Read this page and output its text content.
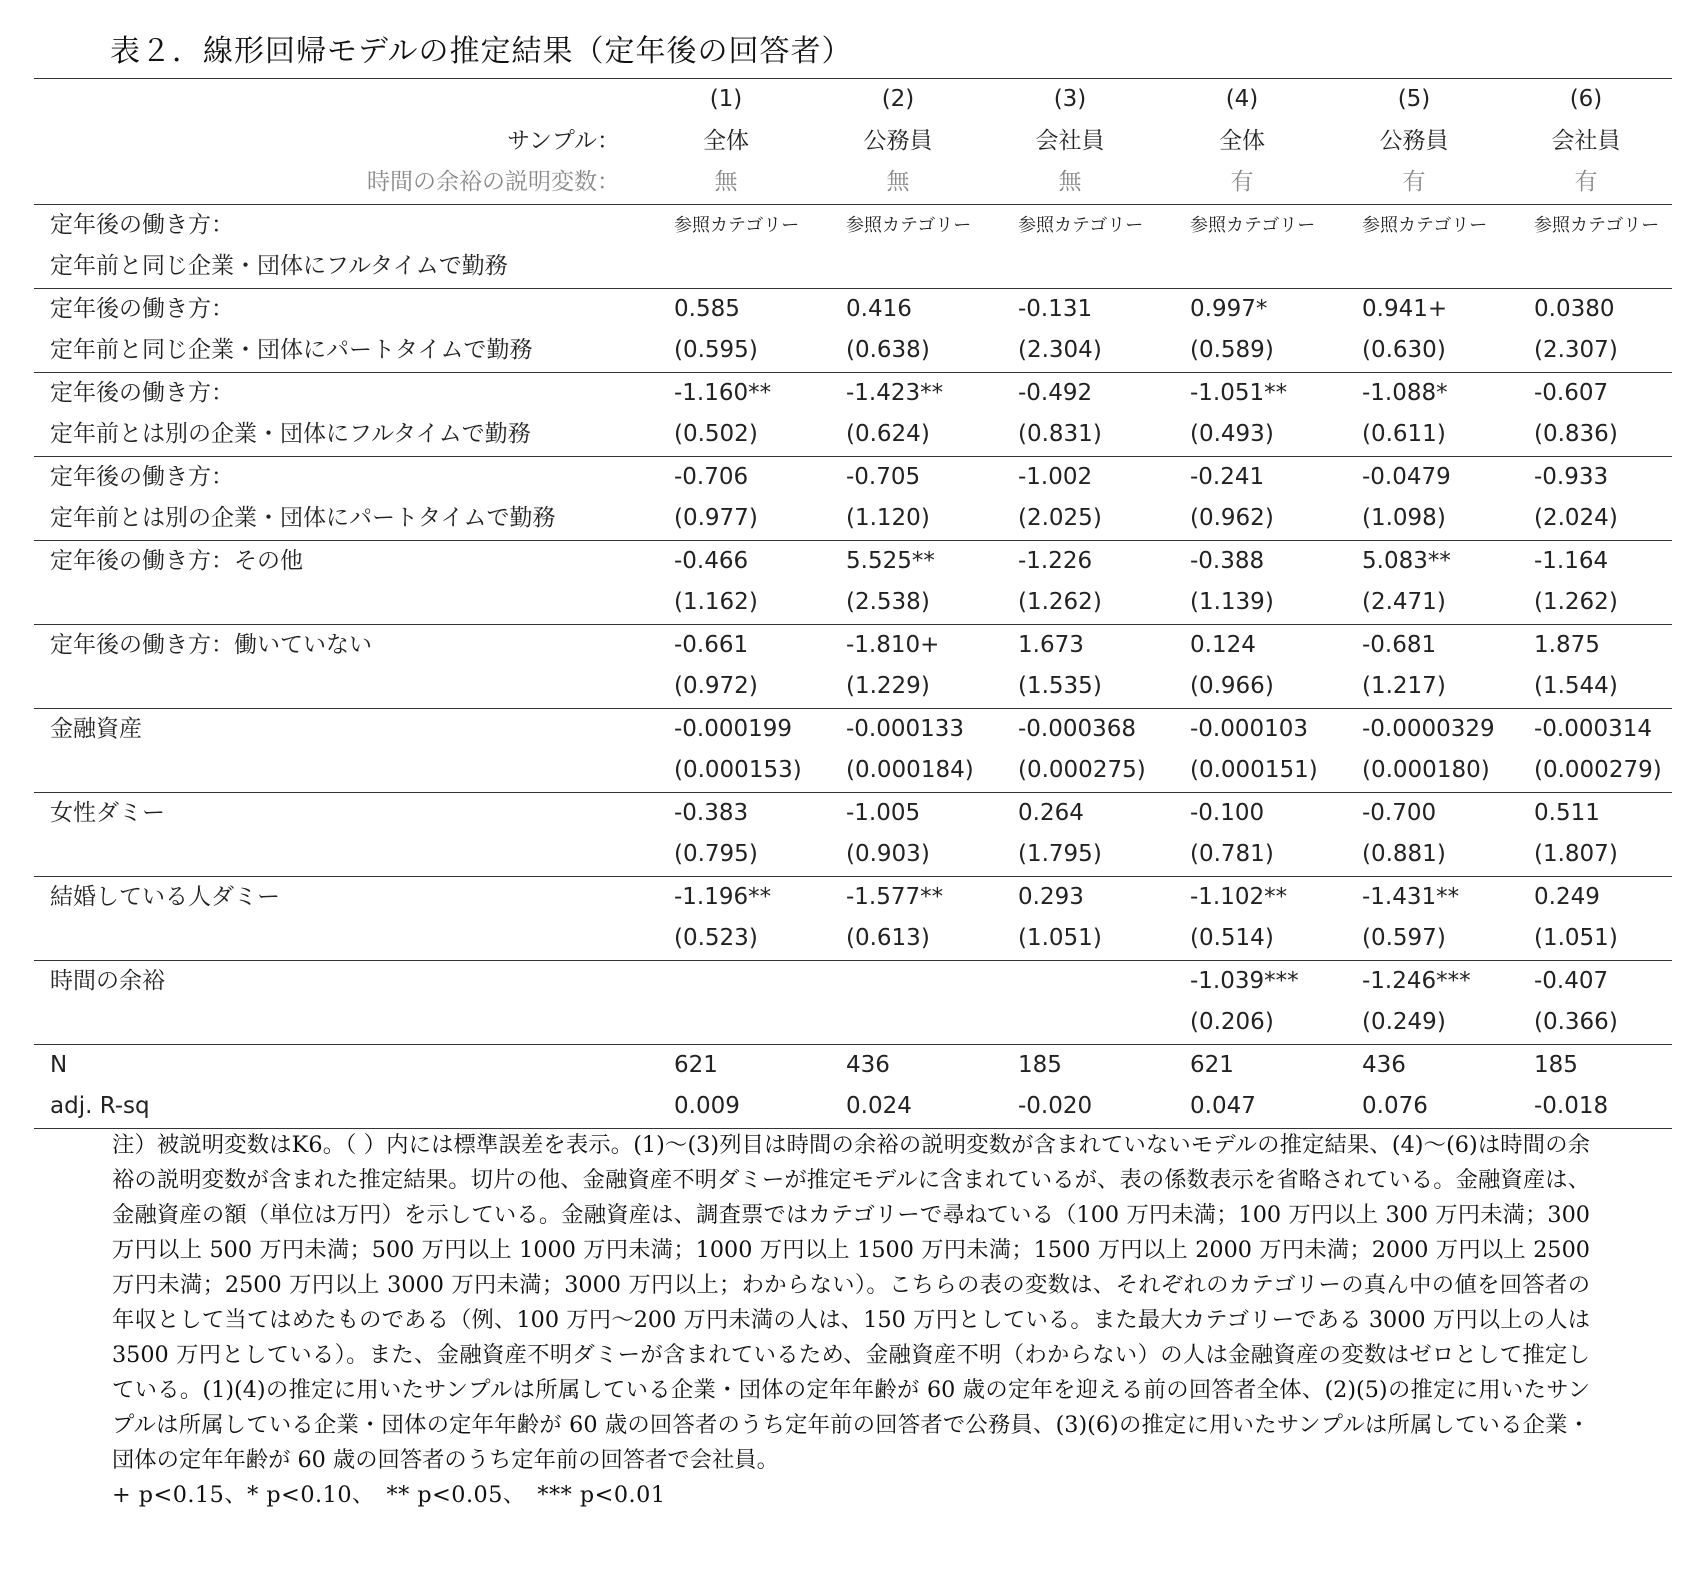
表２．線形回帰モデルの推定結果（定年後の回答者）
	(1)	(2)	(3)	(4)	(5)	(6)
サンプル：	全体	公務員	会社員	全体	公務員	会社員
時間の余裕の説明変数：	無	無	無	有	有	有
定年後の働き方：	参照カテゴリー	参照カテゴリー	参照カテゴリー	参照カテゴリー	参照カテゴリー	参照カテゴリー
定年前と同じ企業・団体にフルタイムで勤務						
定年後の働き方：	0.585	0.416	-0.131	0.997*	0.941+	0.0380
定年前と同じ企業・団体にパートタイムで勤務	(0.595)	(0.638)	(2.304)	(0.589)	(0.630)	(2.307)
定年後の働き方：	-1.160**	-1.423**	-0.492	-1.051**	-1.088*	-0.607
定年前とは別の企業・団体にフルタイムで勤務	(0.502)	(0.624)	(0.831)	(0.493)	(0.611)	(0.836)
定年後の働き方：	-0.706	-0.705	-1.002	-0.241	-0.0479	-0.933
定年前とは別の企業・団体にパートタイムで勤務	(0.977)	(1.120)	(2.025)	(0.962)	(1.098)	(2.024)
定年後の働き方：その他	-0.466	5.525**	-1.226	-0.388	5.083**	-1.164
	(1.162)	(2.538)	(1.262)	(1.139)	(2.471)	(1.262)
定年後の働き方：働いていない	-0.661	-1.810+	1.673	0.124	-0.681	1.875
	(0.972)	(1.229)	(1.535)	(0.966)	(1.217)	(1.544)
金融資産	-0.000199	-0.000133	-0.000368	-0.000103	-0.0000329	-0.000314
	(0.000153)	(0.000184)	(0.000275)	(0.000151)	(0.000180)	(0.000279)
女性ダミー	-0.383	-1.005	0.264	-0.100	-0.700	0.511
	(0.795)	(0.903)	(1.795)	(0.781)	(0.881)	(1.807)
結婚している人ダミー	-1.196**	-1.577**	0.293	-1.102**	-1.431**	0.249
	(0.523)	(0.613)	(1.051)	(0.514)	(0.597)	(1.051)
時間の余裕				-1.039***	-1.246***	-0.407
				(0.206)	(0.249)	(0.366)
N	621	436	185	621	436	185
adj. R-sq	0.009	0.024	-0.020	0.047	0.076	-0.018

注）被説明変数はK6。（ ）内には標準誤差を表示。(1)～(3)列目は時間の余裕の説明変数が含まれていないモデルの推定結果、(4)～(6)は時間の余裕の説明変数が含まれた推定結果。切片の他、金融資産不明ダミーが推定モデルに含まれているが、表の係数表示を省略されている。金融資産は、金融資産の額（単位は万円）を示している。金融資産は、調査票ではカテゴリーで尋ねている（100 万円未満；100 万円以上 300 万円未満；300 万円以上 500 万円未満；500 万円以上 1000 万円未満；1000 万円以上 1500 万円未満；1500 万円以上 2000 万円未満；2000 万円以上 2500 万円未満；2500 万円以上 3000 万円未満；3000 万円以上；わからない）。こちらの表の変数は、それぞれのカテゴリーの真ん中の値を回答者の年収として当てはめたものである（例、100 万円～200 万円未満の人は、150 万円としている。また最大カテゴリーである 3000 万円以上の人は 3500 万円としている）。また、金融資産不明ダミーが含まれているため、金融資産不明（わからない）の人は金融資産の変数はゼロとして推定している。(1)(4)の推定に用いたサンプルは所属している企業・団体の定年年齢が 60 歳の定年を迎える前の回答者全体、(2)(5)の推定に用いたサンプルは所属している企業・団体の定年年齢が 60 歳の回答者のうち定年前の回答者で公務員、(3)(6)の推定に用いたサンプルは所属している企業・団体の定年年齢が 60 歳の回答者のうち定年前の回答者で会社員。

+ p<0.15、* p<0.10、　** p<0.05、　*** p<0.01
